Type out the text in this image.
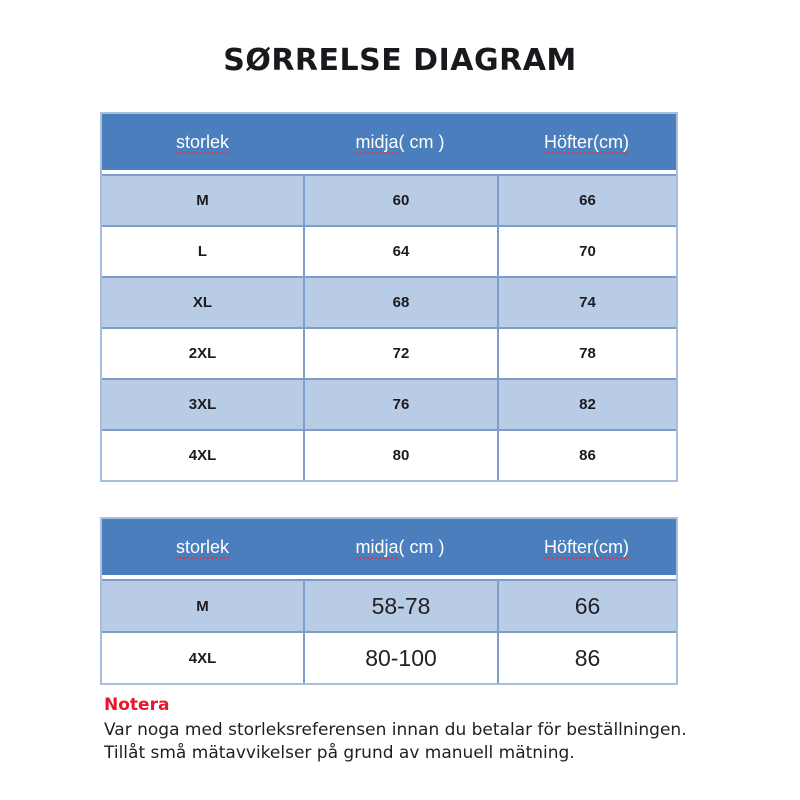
SØRRELSE DIAGRAM
storlek	midja ( cm )	Höfter(cm)
M	60	66
L	64	70
XL	68	74
2XL	72	78
3XL	76	82
4XL	80	86
storlek	midja ( cm )	Höfter(cm)
M	58-78	66
4XL	80-100	86
Notera
Var noga med storleksreferensen innan du betalar för beställningen.
Tillåt små mätavvikelser på grund av manuell mätning.
